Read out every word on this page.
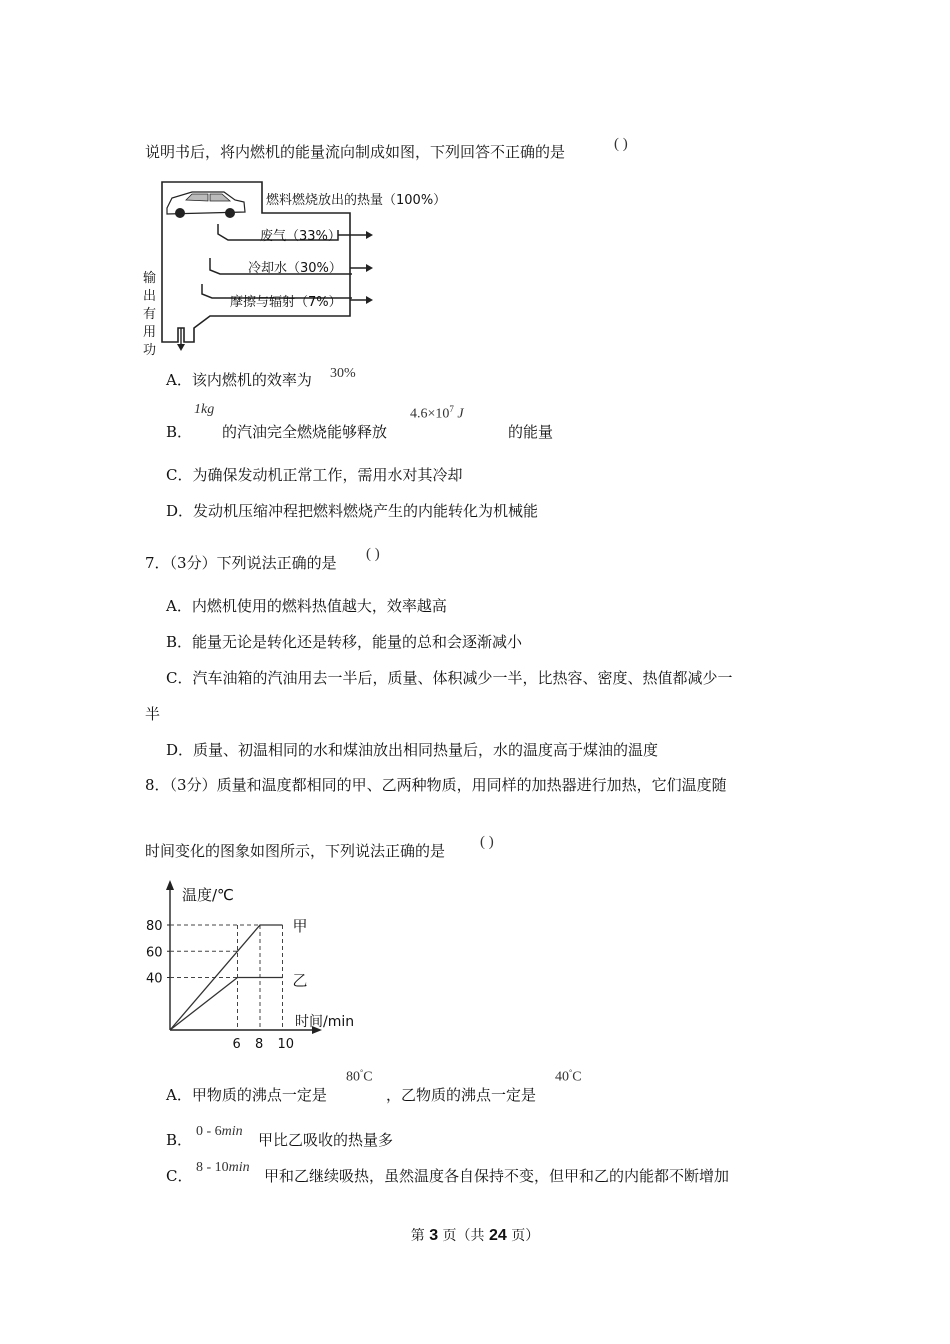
说明书后，将内燃机的能量流向制成如图，下列回答不正确的是	( )
燃料燃烧放出的热量（100%）
废气（33%）
冷却水（30%）
摩擦与辐射（7%）
输
出
有
用
功
A．该内燃机的效率为 30%
B．
1kg
的汽油完全燃烧能够释放
$4.6\times 10^7$ J
的能量
C．为确保发动机正常工作，需用水对其冷却
D．发动机压缩冲程把燃料燃烧产生的内能转化为机械能
7．（3分）下列说法正确的是 ( )
A．内燃机使用的燃料热值越大，效率越高
B．能量无论是转化还是转移，能量的总和会逐渐减小
C．汽车油箱的汽油用去一半后，质量、体积减少一半，比热容、密度、热值都减少一
半
D．质量、初温相同的水和煤油放出相同热量后，水的温度高于煤油的温度
8．（3分）质量和温度都相同的甲、乙两种物质，用同样的加热器进行加热，它们温度随
时间变化的图象如图所示，下列说法正确的是 ( )
温度/℃
时间/min
80
60
40
6 8 10
甲
乙
A．甲物质的沸点一定是
80°C
，乙物质的沸点一定是
40°C
B． 0 - 6min 甲比乙吸收的热量多
C． 8 - 10min 甲和乙继续吸热，虽然温度各自保持不变，但甲和乙的内能都不断增加
第 3 页（共 24 页）
